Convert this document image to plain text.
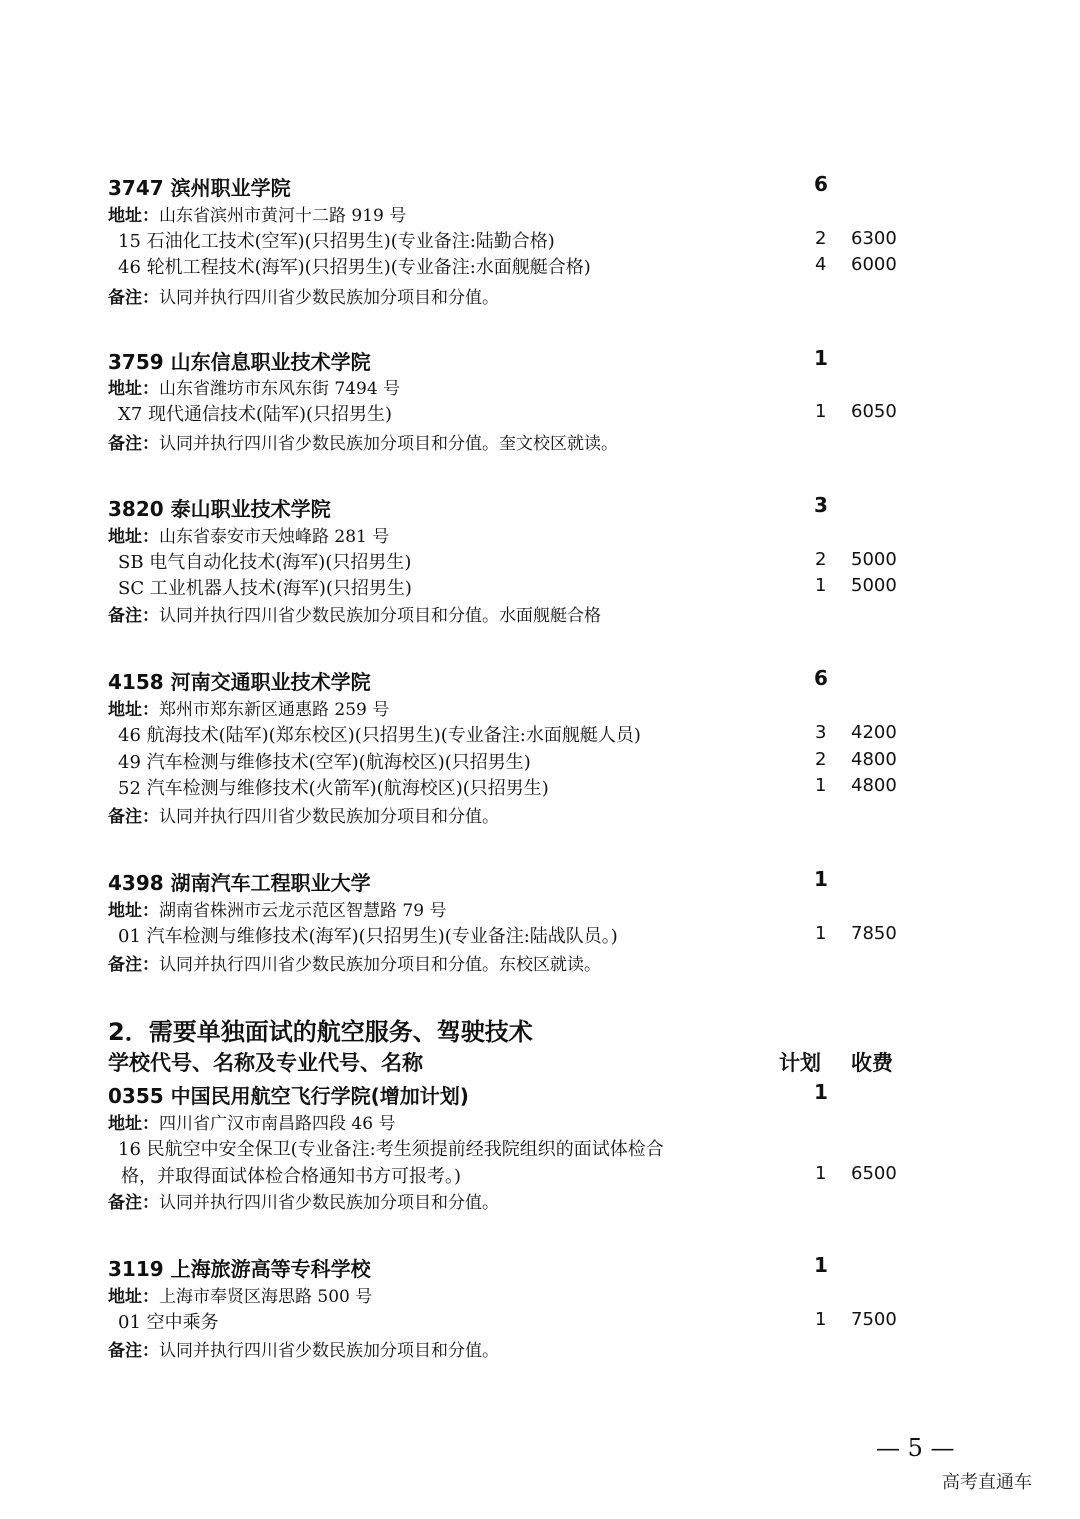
3747 滨州职业学院	6
地址：山东省滨州市黄河十二路 919 号
15 石油化工技术(空军)(只招男生)(专业备注:陆勤合格)	2 6300
46 轮机工程技术(海军)(只招男生)(专业备注:水面舰艇合格)	4 6000
备注：认同并执行四川省少数民族加分项目和分值。
3759 山东信息职业技术学院	1
地址：山东省潍坊市东风东街 7494 号
X7 现代通信技术(陆军)(只招男生)	1 6050
备注：认同并执行四川省少数民族加分项目和分值。奎文校区就读。
3820 泰山职业技术学院	3
地址：山东省泰安市天烛峰路 281 号
SB 电气自动化技术(海军)(只招男生)	2 5000
SC 工业机器人技术(海军)(只招男生)	1 5000
备注：认同并执行四川省少数民族加分项目和分值。水面舰艇合格
4158 河南交通职业技术学院	6
地址：郑州市郑东新区通惠路 259 号
46 航海技术(陆军)(郑东校区)(只招男生)(专业备注:水面舰艇人员)	3 4200
49 汽车检测与维修技术(空军)(航海校区)(只招男生)	2 4800
52 汽车检测与维修技术(火箭军)(航海校区)(只招男生)	1 4800
备注：认同并执行四川省少数民族加分项目和分值。
4398 湖南汽车工程职业大学	1
地址：湖南省株洲市云龙示范区智慧路 79 号
01 汽车检测与维修技术(海军)(只招男生)(专业备注:陆战队员。)	1 7850
备注：认同并执行四川省少数民族加分项目和分值。东校区就读。
2．需要单独面试的航空服务、驾驶技术
学校代号、名称及专业代号、名称	计划 收费
0355 中国民用航空飞行学院(增加计划)	1
地址：四川省广汉市南昌路四段 46 号
16 民航空中安全保卫(专业备注:考生须提前经我院组织的面试体检合
格，并取得面试体检合格通知书方可报考。)	1 6500
备注：认同并执行四川省少数民族加分项目和分值。
3119 上海旅游高等专科学校	1
地址：上海市奉贤区海思路 500 号
01 空中乘务	1 7500
备注：认同并执行四川省少数民族加分项目和分值。
— 5 —
高考直通车
